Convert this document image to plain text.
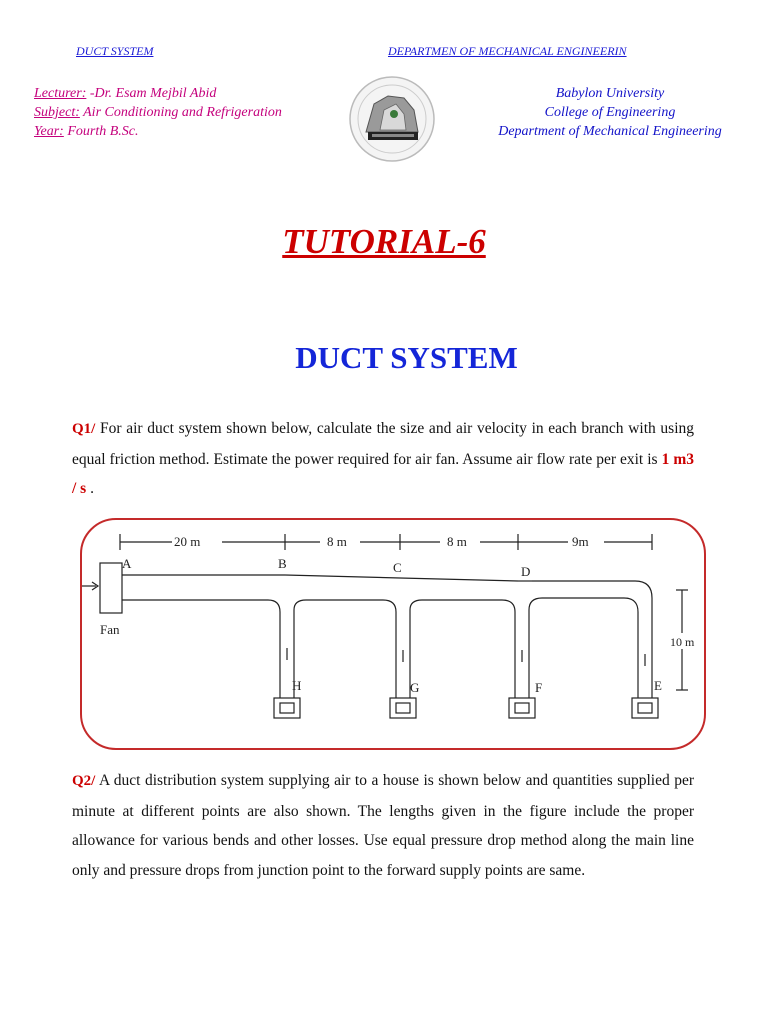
DUCT SYSTEM	DEPARTMEN OF MECHANICAL ENGINEERIN
Lecturer: -Dr. Esam Mejbil Abid
Subject: Air Conditioning and Refrigeration
Year: Fourth B.Sc.
Babylon University
College of Engineering
Department of Mechanical Engineering
TUTORIAL-6
DUCT SYSTEM
Q1/ For air duct system shown below, calculate the size and air velocity in each branch with using equal friction method. Estimate the power required for air fan. Assume air flow rate per exit is 1 m3 / s .
20 m	8 m	8 m	9m
A	B	C	D
H	G	F	E
Fan
10 m
Q2/ A duct distribution system supplying air to a house is shown below and quantities supplied per minute at different points are also shown. The lengths given in the figure include the proper allowance for various bends and other losses. Use equal pressure drop method along the main line only and pressure drops from junction point to the forward supply points are same.
